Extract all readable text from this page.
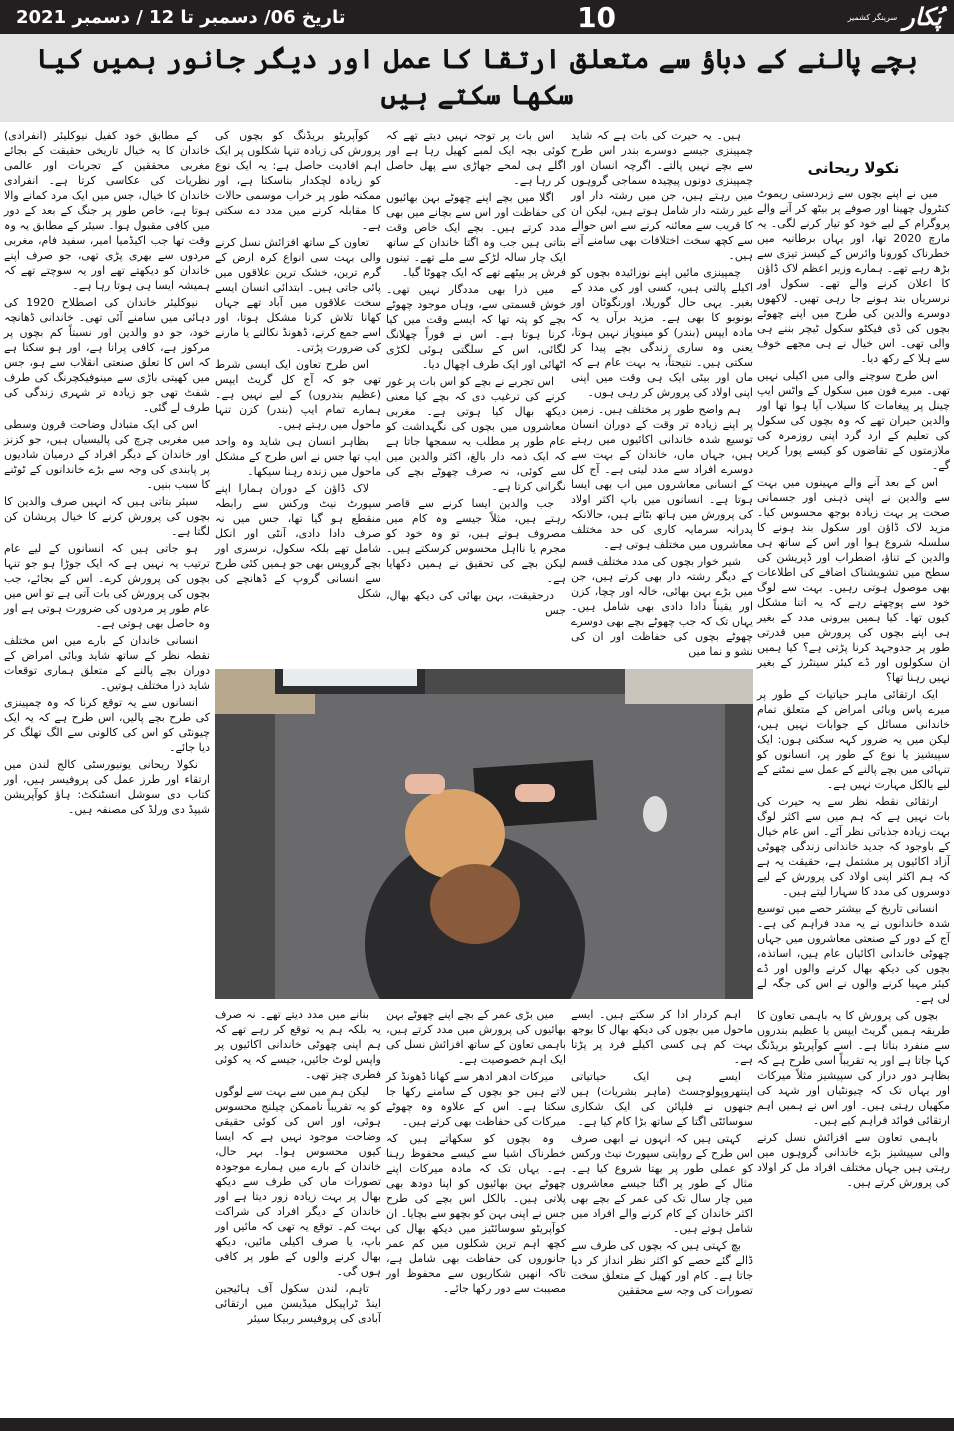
تاریخ 06/ دسمبر تا 12 / دسمبر 2021	10	پُکار
سرینگر کشمیر
بچے پالنے کے دباؤ سے متعلق ارتقا کا عمل اور دیگر جانور ہمیں کیا سکھا سکتے ہیں
نکولا ریحانی

میں نے اپنے بچوں سے زبردستی ریموٹ کنٹرول چھینا اور صوفے پر بیٹھ کر آنے والے پروگرام کے لیے خود کو تیار کرنے لگی۔ یہ مارچ 2020 تھا، اور یہاں برطانیہ میں خطرناک کورونا وائرس کے کیسز تیزی سے بڑھ رہے تھے۔ ہمارے وزیر اعظم لاک ڈاؤن کا اعلان کرنے والے تھے۔ سکول اور نرسریاں بند ہونے جا رہی تھیں۔ لاکھوں دوسرے والدین کی طرح میں اپنے چھوٹے بچوں کی ڈی فیکٹو سکول ٹیچر بننے ہی والی تھی۔ اس خیال نے ہی مجھے خوف سے ہلا کے رکھ دیا۔

اس طرح سوچنے والی میں اکیلی نہیں تھی۔ میرے فون میں سکول کے واٹس ایپ چینل پر پیغامات کا سیلاب آیا ہوا تھا اور والدین حیران تھے کہ وہ بچوں کی سکول کی تعلیم کے ارد گرد اپنی روزمرہ کی ملازمتوں کے تقاضوں کو کیسے پورا کریں گے۔

اس کے بعد آنے والے مہینوں میں بہت سے والدین نے اپنی ذہنی اور جسمانی صحت پر بہت زیادہ بوجھ محسوس کیا۔ مزید لاک ڈاؤن اور سکول بند ہونے کا سلسلہ شروع ہوا اور اس کے ساتھ ہی والدین کے تناؤ، اضطراب اور ڈپریشن کی سطح میں تشویشناک اضافے کی اطلاعات بھی موصول ہوتی رہیں۔ بہت سے لوگ خود سے پوچھتے رہے کہ یہ اتنا مشکل کیوں تھا۔ کیا ہمیں بیرونی مدد کے بغیر ہی اپنے بچوں کی پرورش میں قدرتی طور پر جدوجہد کرنا پڑتی ہے؟ کیا ہمیں ان سکولوں اور ڈے کیئر سینٹرز کے بغیر نہیں رہنا تھا؟

ایک ارتقائی ماہر حیاتیات کے طور پر میرے پاس وبائی امراض کے متعلق تمام خاندانی مسائل کے جوابات نہیں ہیں، لیکن میں یہ ضرور کہہ سکتی ہوں: ایک سپیشیز یا نوع کے طور پر، انسانوں کو تنہائی میں بچے پالنے کے عمل سے نمٹنے کے لیے بالکل مہارت نہیں ہے۔

ارتقائی نقطہ نظر سے یہ حیرت کی بات نہیں ہے کہ ہم میں سے اکثر لوگ بہت زیادہ جذباتی نظر آئے۔ اس عام خیال کے باوجود کہ جدید خاندانی زندگی چھوٹی آزاد اکائیوں پر مشتمل ہے، حقیقت یہ ہے کہ ہم اکثر اپنی اولاد کی پرورش کے لیے دوسروں کی مدد کا سہارا لیتے ہیں۔

انسانی تاریخ کے بیشتر حصے میں توسیع شدہ خاندانوں نے یہ مدد فراہم کی ہے۔ آج کے دور کے صنعتی معاشروں میں جہاں چھوٹی خاندانی اکائیاں عام ہیں، اساتذہ، بچوں کی دیکھ بھال کرنے والوں اور ڈے کیئر مہیا کرنے والوں نے اس کی جگہ لے لی ہے۔

بچوں کی پرورش کا یہ باہمی تعاون کا طریقہ ہمیں گریٹ ایپس یا عظیم بندروں سے منفرد بناتا ہے۔ اسے کوآپریٹو بریڈنگ کہا جاتا ہے اور یہ تقریباً اسی طرح ہے کہ بظاہر دور دراز کی سپیشیز مثلاً میرکات اور یہاں تک کہ چیونٹیاں اور شہد کی مکھیاں رہتی ہیں۔ اور اس نے ہمیں اہم ارتقائی فوائد فراہم کیے ہیں۔

باہمی تعاون سے افزائش نسل کرنے والی سپیشیز بڑے خاندانی گروہوں میں رہتی ہیں جہاں مختلف افراد مل کر اولاد کی پرورش کرتے ہیں۔

ہیں۔ یہ حیرت کی بات ہے کہ شاید چمپینزی جیسے دوسرے بندر اس طرح سے بچے نہیں پالتے۔ اگرچہ انسان اور چمپینزی دونوں پیچیدہ سماجی گروہوں میں رہتے ہیں، جن میں رشتہ دار اور غیر رشتہ دار شامل ہوتے ہیں، لیکن ان کا قریب سے معائنہ کرنے سے اس حوالے سے کچھ سخت اختلافات بھی سامنے آتے ہیں۔

چمپینزی مائیں اپنے نوزائیدہ بچوں کو اکیلے پالتی ہیں، کسی اور کی مدد کے بغیر۔ یہی حال گوریلا، اورنگوٹان اور بونوبو کا بھی ہے۔ مزید برآں یہ کہ مادہ ایپس (بندر) کو مینوپاز نہیں ہوتا، یعنی وہ ساری زندگی بچے پیدا کر سکتی ہیں۔ نتیجتاً، یہ بہت عام ہے کہ ماں اور بیٹی ایک ہی وقت میں اپنی اپنی اولاد کی پرورش کر رہی ہوں۔

ہم واضح طور پر مختلف ہیں۔ زمین پر اپنے زیادہ تر وقت کے دوران انسان توسیع شدہ خاندانی اکائیوں میں رہتے ہیں، جہاں ماں، خاندان کے بہت سے دوسرے افراد سے مدد لیتی ہے۔ آج کل کے انسانی معاشروں میں اب بھی ایسا ہوتا ہے۔ انسانوں میں باپ اکثر اولاد کی پرورش میں ہاتھ بٹاتے ہیں، حالانکہ پدرانہ سرمایہ کاری کی حد مختلف معاشروں میں مختلف ہوتی ہے۔

شیر خوار بچوں کی مدد مختلف قسم کے دیگر رشتہ دار بھی کرتے ہیں، جن میں بڑے بہن بھائی، خالہ اور چچا، کزن اور یقیناً دادا دادی بھی شامل ہیں۔ یہاں تک کہ جب چھوٹے بچے بھی دوسرے چھوٹے بچوں کی حفاظت اور ان کی نشو و نما میں

اس بات پر توجہ نہیں دیتے تھے کہ کوئی بچہ ایک لمبے کھیل رہا ہے اور اگلے ہی لمحے جھاڑی سے پھل حاصل کر رہا ہے۔

اگلا میں بچے اپنے چھوٹے بہن بھائیوں کی حفاظت اور اس سے بچانے میں بھی مدد کرتے ہیں۔ بچے ایک خاص وقت بتاتی ہیں جب وہ اگتا خاندان کے ساتھ ایک چار سالہ لڑکے سے ملے تھے۔ تینوں فرش پر بیٹھے تھے کہ ایک چھوٹا گیا۔

میں ذرا بھی مددگار نہیں تھی۔ خوش قسمتی سے، وہاں موجود چھوٹے بچے کو پتہ تھا کہ ایسے وقت میں کیا کرنا ہوتا ہے۔ اس نے فوراً چھلانگ لگائی، اس کے سلگتی ہوئی لکڑی اٹھائی اور ایک طرف اچھال دیا۔

اس تجربے نے بچے کو اس بات پر غور کرنے کی ترغیب دی کہ بچے کیا معنی دیکھ بھال کیا ہوتی ہے۔ مغربی معاشروں میں بچوں کی نگہداشت کو عام طور پر مطلب یہ سمجھا جاتا ہے کہ ایک ذمہ دار بالغ، اکثر والدین میں سے کوئی، نہ صرف چھوٹے بچے کی نگرانی کرتا ہے۔

جب والدین ایسا کرنے سے قاصر رہتے ہیں، مثلاً جیسے وہ کام میں مصروف ہوتے ہیں، تو وہ خود کو مجرم یا نااہل محسوس کرسکتے ہیں۔ لیکن بچے کی تحقیق نے ہمیں دکھایا ہے۔

درحقیقت، بہن بھائی کی دیکھ بھال، جس

کوآپریٹو بریڈنگ کو بچوں کی پرورش کی زیادہ تنہا شکلوں پر ایک اہم افادیت حاصل ہے: یہ ایک نوع کو زیادہ لچکدار بناسکتا ہے، اور ممکنہ طور پر خراب موسمی حالات کا مقابلہ کرنے میں مدد دے سکتی ہے۔

تعاون کے ساتھ افزائش نسل کرنے والی بہت سی انواع کرہ ارض کے گرم ترین، خشک ترین علاقوں میں پائی جاتی ہیں۔ ابتدائی انسان ایسے سخت علاقوں میں آباد تھے جہاں کھانا تلاش کرنا مشکل ہوتا، اور اسے جمع کرنے، ڈھونڈ نکالنے یا مارنے کی ضرورت پڑتی۔

اس طرح تعاون ایک ایسی شرط تھی جو کہ آج کل گریٹ ایپس (عظیم بندروں) کے لیے نہیں ہے۔ ہمارے تمام ایپ (بندر) کزن تنہا ماحول میں رہتے ہیں۔

بظاہر انسان ہی شاید وہ واحد ایپ تھا جس نے اس طرح کے مشکل ماحول میں زندہ رہنا سیکھا۔

لاک ڈاؤن کے دوران ہمارا اپنے سپورٹ نیٹ ورکس سے رابطہ منقطع ہو گیا تھا، جس میں نہ صرف دادا دادی، آنٹی اور انکل شامل تھے بلکہ سکول، نرسری اور بچے گروپس بھی جو ہمیں کئی طرح سے انسانی گروپ کے ڈھانچے کی شکل

اہم کردار ادا کر سکتے ہیں۔ ایسے ماحول میں بچوں کی دیکھ بھال کا بوجھ بہت کم ہی کسی اکیلے فرد پر پڑتا ہے۔

ایسے ہی ایک حیاتیاتی اینتھروپولوجسٹ (ماہر بشریات) ہیں جنھوں نے فلپائن کی ایک شکاری سوسائٹی اگتا کے ساتھ بڑا کام کیا ہے۔

کہتی ہیں کہ انہوں نے ابھی صرف اس طرح کے روایتی سپورٹ نیٹ ورکس کو عملی طور پر بھتا شروع کیا ہے۔ مثال کے طور پر اگتا جیسے معاشروں میں چار سال تک کی عمر کے بچے بھی اکثر خاندان کے کام کرنے والے افراد میں شامل ہوتے ہیں۔

بچ کہتی ہیں کہ بچوں کی طرف سے ڈالے گئے حصے کو اکثر نظر انداز کر دیا جاتا ہے۔ کام اور کھیل کے متعلق سخت تصورات کی وجہ سے محققین

میں بڑی عمر کے بچے اپنے چھوٹے بہن بھائیوں کی پرورش میں مدد کرتے ہیں، باہمی تعاون کے ساتھ افزائش نسل کی ایک اہم خصوصیت ہے۔

میرکات ادھر ادھر سے کھانا ڈھونڈ کر لاتے ہیں جو بچوں کے سامنے رکھا جا سکتا ہے۔ اس کے علاوہ وہ چھوٹے میرکات کی حفاظت بھی کرتے ہیں۔

وہ بچوں کو سکھاتے ہیں کہ خطرناک اشیا سے کیسے محفوظ رہنا ہے۔ یہاں تک کہ مادہ میرکات اپنے چھوٹے بہن بھائیوں کو اپنا دودھ بھی پلاتی ہیں۔ بالکل اس بچے کی طرح جس نے اپنی بہن کو بچھو سے بچایا۔ ان کوآپریٹو سوسائٹیز میں دیکھ بھال کی کچھ اہم ترین شکلوں میں کم عمر جانوروں کی حفاظت بھی شامل ہے، تاکہ انھیں شکاریوں سے محفوظ اور مصیبت سے دور رکھا جائے۔

بنانے میں مدد دیتے تھے۔ نہ صرف یہ بلکہ ہم یہ توقع کر رہے تھے کہ ہم اپنی چھوٹی خاندانی اکائیوں پر واپس لوٹ جائیں، جیسے کہ یہ کوئی فطری چیز تھی۔

لیکن ہم میں سے بہت سے لوگوں کو یہ تقریباً ناممکن چیلنج محسوس ہوئی، اور اس کی کوئی حقیقی وضاحت موجود نہیں ہے کہ ایسا کیوں محسوس ہوا۔ بہر حال، خاندان کے بارے میں ہمارے موجودہ تصورات ماں کی طرف سے دیکھ بھال پر بہت زیادہ زور دیتا ہے اور خاندان کے دیگر افراد کی شراکت بہت کم۔ توقع یہ تھی کہ مائیں اور باپ، یا صرف اکیلی مائیں، دیکھ بھال کرنے والوں کے طور پر کافی ہوں گی۔

تاہم، لندن سکول آف ہائیجین اینڈ ٹراپیکل میڈیسن میں ارتقائی آبادی کی پروفیسر ربیکا سیئر

کے مطابق خود کفیل نیوکلیئر (انفرادی) خاندان کا یہ خیال تاریخی حقیقت کے بجائے مغربی محققین کے تجربات اور عالمی نظریات کی عکاسی کرتا ہے۔ انفرادی خاندان کا خیال، جس میں ایک مرد کمانے والا ہوتا ہے، خاص طور پر جنگ کے بعد کے دور میں کافی مقبول ہوا۔ سیئر کے مطابق یہ وہ وقت تھا جب اکیڈمیا امیر، سفید فام، مغربی مردوں سے بھری پڑی تھی، جو صرف اپنے خاندان کو دیکھتے تھے اور یہ سوچتے تھے کہ ہمیشہ ایسا ہی ہوتا رہا ہے۔

نیوکلیئر خاندان کی اصطلاح 1920 کی دہائی میں سامنے آئی تھی۔ خاندانی ڈھانچہ خود، جو دو والدین اور نسبتاً کم بچوں پر مرکوز ہے، کافی پرانا ہے، اور ہو سکتا ہے کہ اس کا تعلق صنعتی انقلاب سے ہو، جس میں کھیتی باڑی سے مینوفیکچرنگ کی طرف شفٹ تھی جو زیادہ تر شہری زندگی کی طرف لے گئی۔

اس کی ایک متبادل وضاحت قرون وسطی میں مغربی چرچ کی پالیسیاں ہیں، جو کزنز اور خاندان کے دیگر افراد کے درمیان شادیوں پر پابندی کی وجہ سے بڑے خاندانوں کے ٹوٹنے کا سبب بنیں۔

سیئر بتاتی ہیں کہ انہیں صرف والدین کا بچوں کی پرورش کرنے کا خیال پریشان کن لگتا ہے۔

ہو جاتی ہیں کہ انسانوں کے لیے عام ترتیب یہ نہیں ہے کہ ایک جوڑا ہو جو تنہا بچوں کی پرورش کرے۔ اس کے بجائے، جب بچوں کی پرورش کی بات آتی ہے تو اس میں عام طور پر مردوں کی ضرورت ہوتی ہے اور وہ حاصل بھی ہوتی ہے۔

انسانی خاندان کے بارے میں اس مختلف نقطہ نظر کے ساتھ شاید وبائی امراض کے دوران بچے پالنے کے متعلق ہماری توقعات شاید ذرا مختلف ہوتیں۔

انسانوں سے یہ توقع کرنا کہ وہ چمپینزی کی طرح بچے پالیں، اس طرح ہے کہ یہ ایک چیونٹی کو اس کی کالونی سے الگ تھلگ کر دیا جائے۔

نکولا ریحانی یونیورسٹی کالج لندن میں ارتقاء اور طرز عمل کی پروفیسر ہیں، اور کتاب دی سوشل انسٹنکٹ: ہاؤ کوآپریشن شیپڈ دی ورلڈ کی مصنفہ ہیں۔
